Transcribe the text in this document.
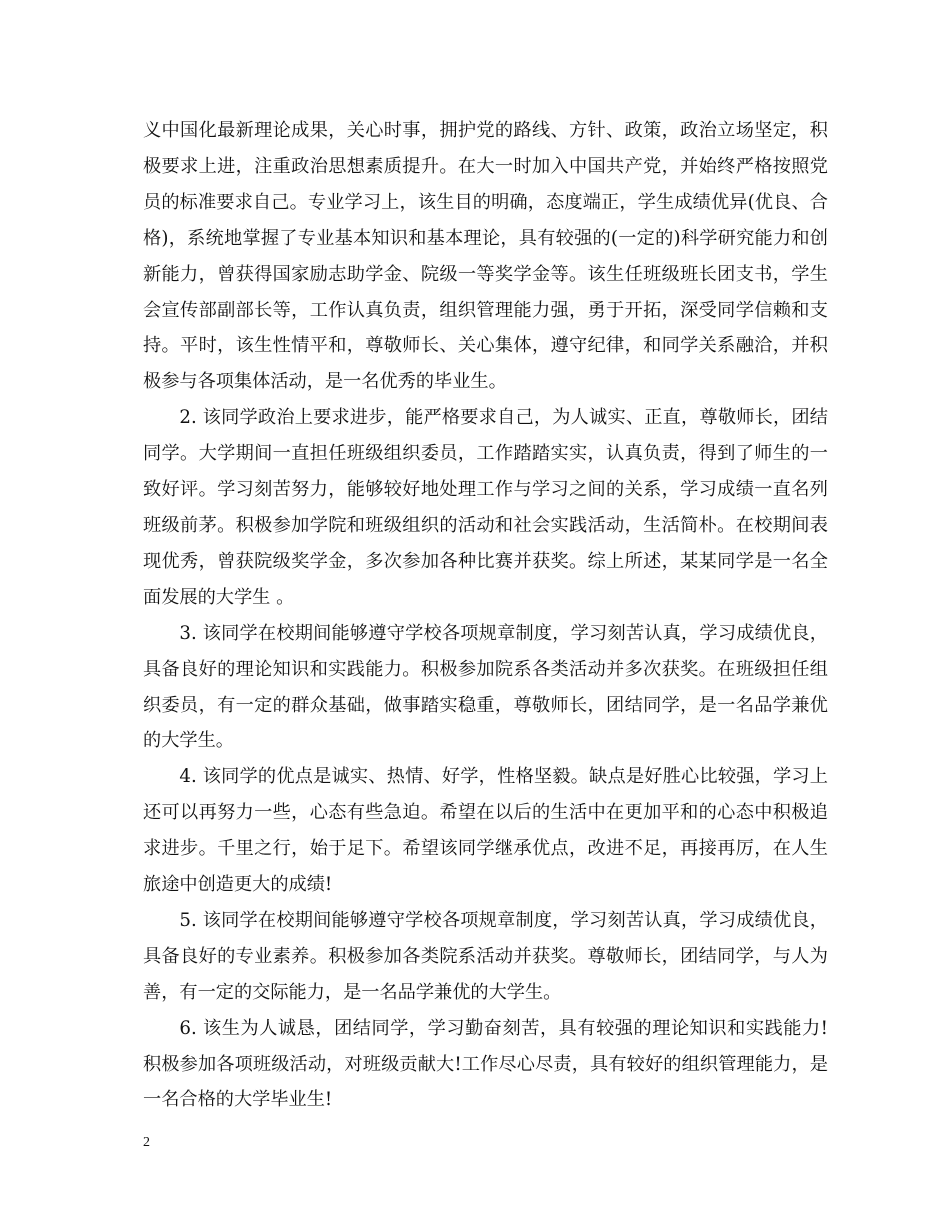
义中国化最新理论成果，关心时事，拥护党的路线、方针、政策，政治立场坚定，积极要求上进，注重政治思想素质提升。在大一时加入中国共产党，并始终严格按照党员的标准要求自己。专业学习上，该生目的明确，态度端正，学生成绩优异(优良、合格)，系统地掌握了专业基本知识和基本理论，具有较强的(一定的)科学研究能力和创新能力，曾获得国家励志助学金、院级一等奖学金等。该生任班级班长团支书，学生会宣传部副部长等，工作认真负责，组织管理能力强，勇于开拓，深受同学信赖和支持。平时，该生性情平和，尊敬师长、关心集体，遵守纪律，和同学关系融洽，并积极参与各项集体活动，是一名优秀的毕业生。

2. 该同学政治上要求进步，能严格要求自己，为人诚实、正直，尊敬师长，团结同学。大学期间一直担任班级组织委员，工作踏踏实实，认真负责，得到了师生的一致好评。学习刻苦努力，能够较好地处理工作与学习之间的关系，学习成绩一直名列班级前茅。积极参加学院和班级组织的活动和社会实践活动，生活简朴。在校期间表现优秀，曾获院级奖学金，多次参加各种比赛并获奖。综上所述，某某同学是一名全面发展的大学生 。

3. 该同学在校期间能够遵守学校各项规章制度，学习刻苦认真，学习成绩优良，具备良好的理论知识和实践能力。积极参加院系各类活动并多次获奖。在班级担任组织委员，有一定的群众基础，做事踏实稳重，尊敬师长，团结同学，是一名品学兼优的大学生。

4. 该同学的优点是诚实、热情、好学，性格坚毅。缺点是好胜心比较强，学习上还可以再努力一些，心态有些急迫。希望在以后的生活中在更加平和的心态中积极追求进步。千里之行，始于足下。希望该同学继承优点，改进不足，再接再厉，在人生旅途中创造更大的成绩!

5. 该同学在校期间能够遵守学校各项规章制度，学习刻苦认真，学习成绩优良，具备良好的专业素养。积极参加各类院系活动并获奖。尊敬师长，团结同学，与人为善，有一定的交际能力，是一名品学兼优的大学生。

6. 该生为人诚恳，团结同学，学习勤奋刻苦，具有较强的理论知识和实践能力!积极参加各项班级活动，对班级贡献大!工作尽心尽责，具有较好的组织管理能力，是一名合格的大学毕业生!

2
